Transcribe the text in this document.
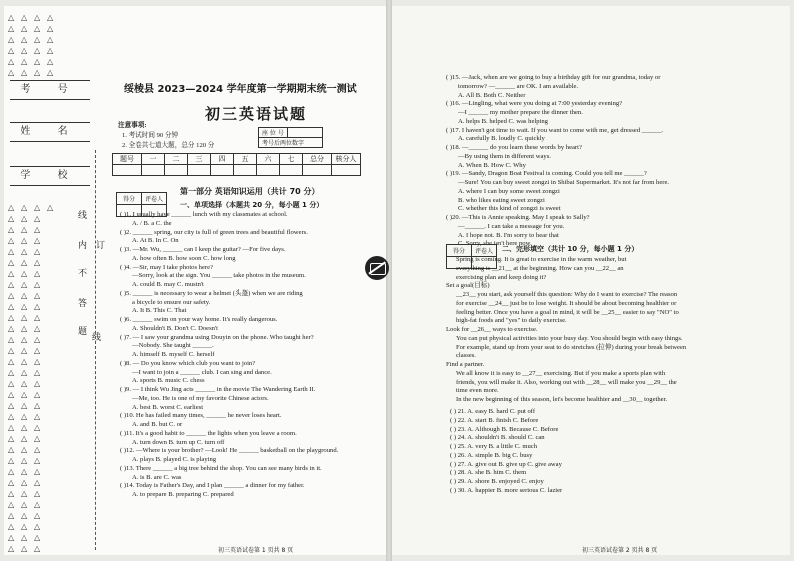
△ △ △ △
△ △ △ △
△ △ △ △
△ △ △ △
△ △ △ △
△ △ △ △
△ △ △ △
△ △ △
△ △ △
△ △ △
△ △ △
△ △ △
△ △ △
△ △ △
△ △ △
△ △ △
△ △ △
△ △ △
△ △ △
△ △ △
△ △ △
△ △ △
△ △ △
△ △ △
△ △ △
△ △ △
△ △ △
△ △ △
△ △ △
△ △ △
△ △ △
△ △ △
△ △ △
△ △ △
△ △ △
△ △ △
△ △ △
△ △ △
考 号
姓 名
学 校
线
内
不
答
题
订
线
绥棱县 2023—2024 学年度第一学期期末统一测试
初三英语试题
注意事项:
1. 考试时间 90 分钟
2. 全卷共七道大题，总分 120 分
座 位 号	
考号后两位数字
题号	一	二	三	四	五	六	七	总分	核分人

得分	评卷人

第一部分 英语知识运用（共计 70 分）
一、单项选择（本题共 20 分，每小题 1 分）
( )1. I usually have ______ lunch with my classmates at school.
A. / B. a C. the
( )2. ______ spring, our city is full of green trees and beautiful flowers.
A. At B. In C. On
( )3. —Mr. Wu, ______ can I keep the guitar? —For five days.
A. how often B. how soon C. how long
( )4. —Sir, may I take photos here?
—Sorry, look at the sign. You ______ take photos in the museum.
A. could B. may C. mustn't
( )5. ______ is necessary to wear a helmet (头盔) when we are riding
a bicycle to ensure our safety.
A. It B. This C. That
( )6. ______ swim on your way home. It's really dangerous.
A. Shouldn't B. Don't C. Doesn't
( )7. — I saw your grandma using Douyin on the phone. Who taught her?
—Nobody. She taught ______.
A. himself B. myself C. herself
( )8. — Do you know which club you want to join?
—I want to join a ______ club. I can sing and dance.
A. sports B. music C. chess
( )9. — I think Wu Jing acts ______ in the movie The Wandering Earth II.
—Me, too. He is one of my favorite Chinese actors.
A. best B. worst C. earliest
( )10. He has failed many times, ______ he never loses heart.
A. and B. but C. or
( )11. It's a good habit to ______ the lights when you leave a room.
A. turn down B. turn up C. turn off
( )12. —Where is your brother? —Look! He ______ basketball on the playground.
A. plays B. played C. is playing
( )13. There ______ a big tree behind the shop. You can see many birds in it.
A. is B. are C. was
( )14. Today is Father's Day, and I plan ______ a dinner for my father.
A. to prepare B. preparing C. prepared
( )15. —Jack, when are we going to buy a birthday gift for our grandma, today or
tomorrow? —______ are OK. I am available.
A. All B. Both C. Neither
( )16. —Lingling, what were you doing at 7:00 yesterday evening?
—I ______ my mother prepare the dinner then.
A. helps B. helped C. was helping
( )17. I haven't got time to wait. If you want to come with me, get dressed ______.
A. carefully B. loudly C. quickly
( )18. —______ do you learn these words by heart?
—By using them in different ways.
A. When B. How C. Why
( )19. —Sandy, Dragon Boat Festival is coming. Could you tell me ______?
—Sure! You can buy sweet zongzi in Shibai Supermarket. It's not far from here.
A. where I can buy some sweet zongzi
B. who likes eating sweet zongzi
C. whether this kind of zongzi is sweet
( )20. —This is Annie speaking. May I speak to Sally?
—______. I can take a message for you.
A. I hope not. B. I'm sorry to hear that
C. Sorry, she isn't here now.
得分	评卷人
	二、完形填空（共计 10 分，每小题 1 分）
Spring is coming. It is great to exercise in the warm weather, but
everything is __21__ at the beginning. How can you __22__ an
exercising plan and keep doing it?
Set a goal(目标)
__23__ you start, ask yourself this question: Why do I want to exercise? The reason
for exercise __24__ just be to lose weight. It should be about becoming healthier or
feeling better. Once you have a goal in mind, it will be __25__ easier to say "NO" to
high-fat foods and "yes" to daily exercise.
Look for __26__ ways to exercise.
You can put physical activities into your busy day. You should begin with easy things.
For example, stand up from your seat to do stretches (拉伸) during your break between
classes.
Find a partner.
We all know it is easy to __27__ exercising. But if you make a sports plan with
friends, you will make it. Also, working out with __28__ will make you __29__ the
time even more.
In the new beginning of this season, let's become healthier and __30__ together.
( ) 21. A. easy B. hard C. put off
( ) 22. A. start B. finish C. Before
( ) 23. A. Although B. Because C. Before
( ) 24. A. shouldn't B. should C. can
( ) 25. A. very B. a little C. much
( ) 26. A. simple B. big C. busy
( ) 27. A. give out B. give up C. give away
( ) 28. A. she B. him C. them
( ) 29. A. shore B. enjoyed C. enjoy
( ) 30. A. happier B. more serious C. lazier
初三英语试卷第 1 页共 8 页	初三英语试卷第 2 页共 8 页
